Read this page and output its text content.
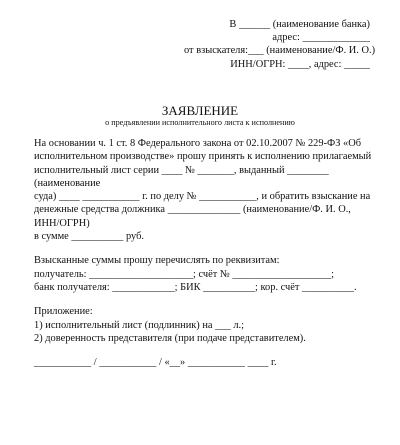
В ______ (наименование банка)
адрес: _____________
от взыскателя:___ (наименование/Ф. И. О.)
ИНН/ОГРН: ____, адрес: _____
ЗАЯВЛЕНИЕ
о предъявлении исполнительного листа к исполнению

На основании ч. 1 ст. 8 Федерального закона от 02.10.2007 № 229-ФЗ «Об

исполнительном производстве» прошу принять к исполнению прилагаемый

исполнительный лист серии ____ № _______, выданный ________

(наименование

суда) ____ ___________ г. по делу № ___________, и обратить взыскание на

денежные средства должника ______________ (наименование/Ф. И. О.,

ИНН/ОГРН)

в сумме __________ руб.

Взысканные суммы прошу перечислять по реквизитам:

получатель: ____________________; счёт № ___________________;

банк получателя: ____________; БИК __________; кор. счёт __________.

Приложение:

1) исполнительный лист (подлинник) на ___ л.;

2) доверенность представителя (при подаче представителем).

___________ / ___________ / «__» ___________ ____ г.
